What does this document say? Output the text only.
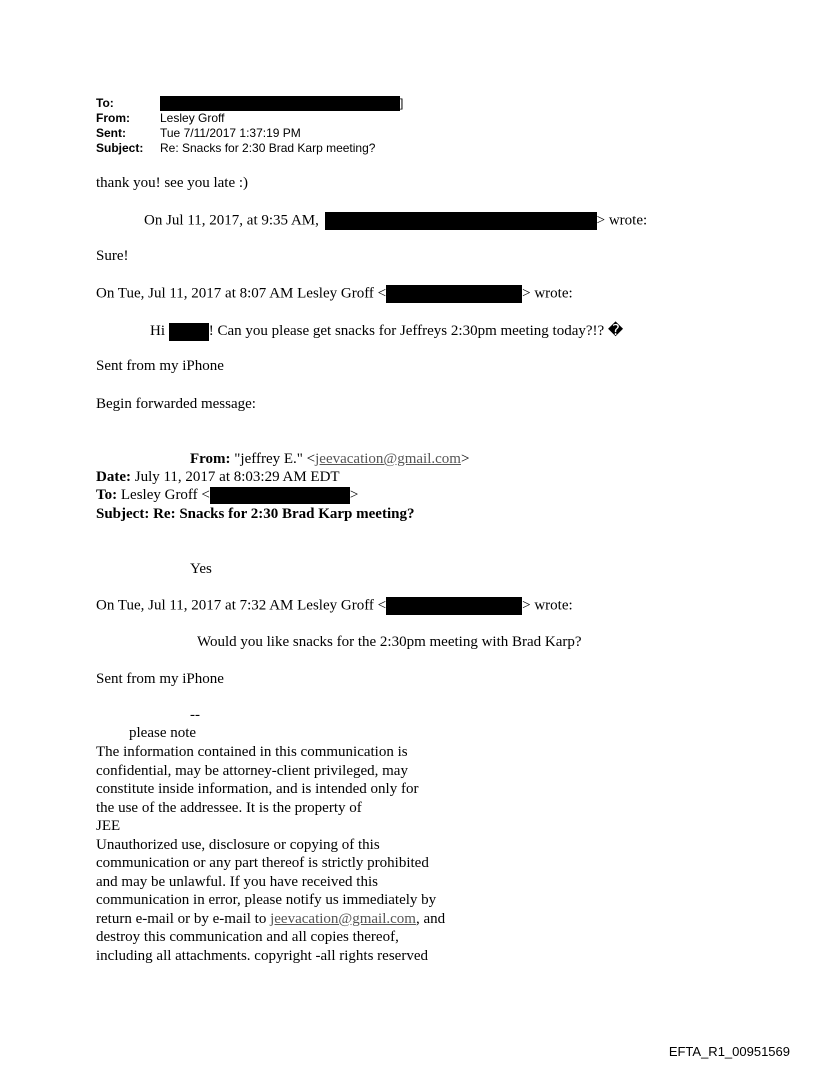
To:	]
From:	Lesley Groff
Sent:	Tue 7/11/2017 1:37:19 PM
Subject: Re: Snacks for 2:30 Brad Karp meeting?
thank you! see you late :)
On Jul 11, 2017, at 9:35 AM,	> wrote:
Sure!
On Tue, Jul 11, 2017 at 8:07 AM Lesley Groff <	> wrote:
Hi	! Can you please get snacks for Jeffreys 2:30pm meeting today?!? �
Sent from my iPhone
Begin forwarded message:
From: "jeffrey E." <jeevacation@gmail.com>
Date: July 11, 2017 at 8:03:29 AM EDT
To: Lesley Groff <	>
Subject: Re: Snacks for 2:30 Brad Karp meeting?
Yes
On Tue, Jul 11, 2017 at 7:32 AM Lesley Groff <	> wrote:
Would you like snacks for the 2:30pm meeting with Brad Karp?
Sent from my iPhone
--
please note
The information contained in this communication is
confidential, may be attorney-client privileged, may
constitute inside information, and is intended only for
the use of the addressee. It is the property of
JEE
Unauthorized use, disclosure or copying of this
communication or any part thereof is strictly prohibited
and may be unlawful. If you have received this
communication in error, please notify us immediately by
return e-mail or by e-mail to jeevacation@gmail.com, and
destroy this communication and all copies thereof,
including all attachments. copyright -all rights reserved
EFTA_R1_00951569
